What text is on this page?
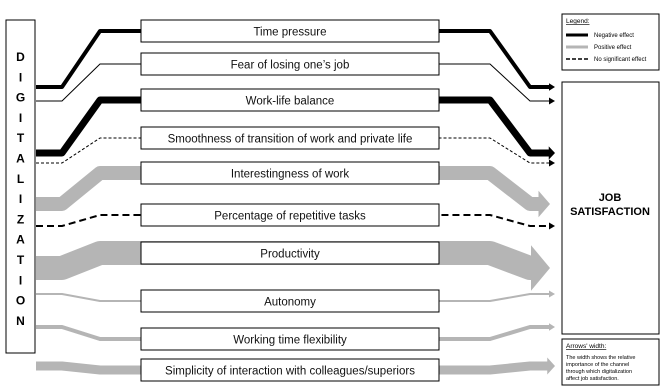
D
I
G
I
T
A
L
I
Z
A
T
I
O
N
JOB
SATISFACTION
Time pressure
Fear of losing one’s job
Work-life balance
Smoothness of transition of work and private life
Interestingness of work
Percentage of repetitive tasks
Productivity
Autonomy
Working time flexibility
Simplicity of interaction with colleagues/superiors
Legend:
Negative effect
Positive effect
No significant effect
Arrows' width:
The width shows the relative
importance of the channel
through which digitalization
affect job satisfaction.
